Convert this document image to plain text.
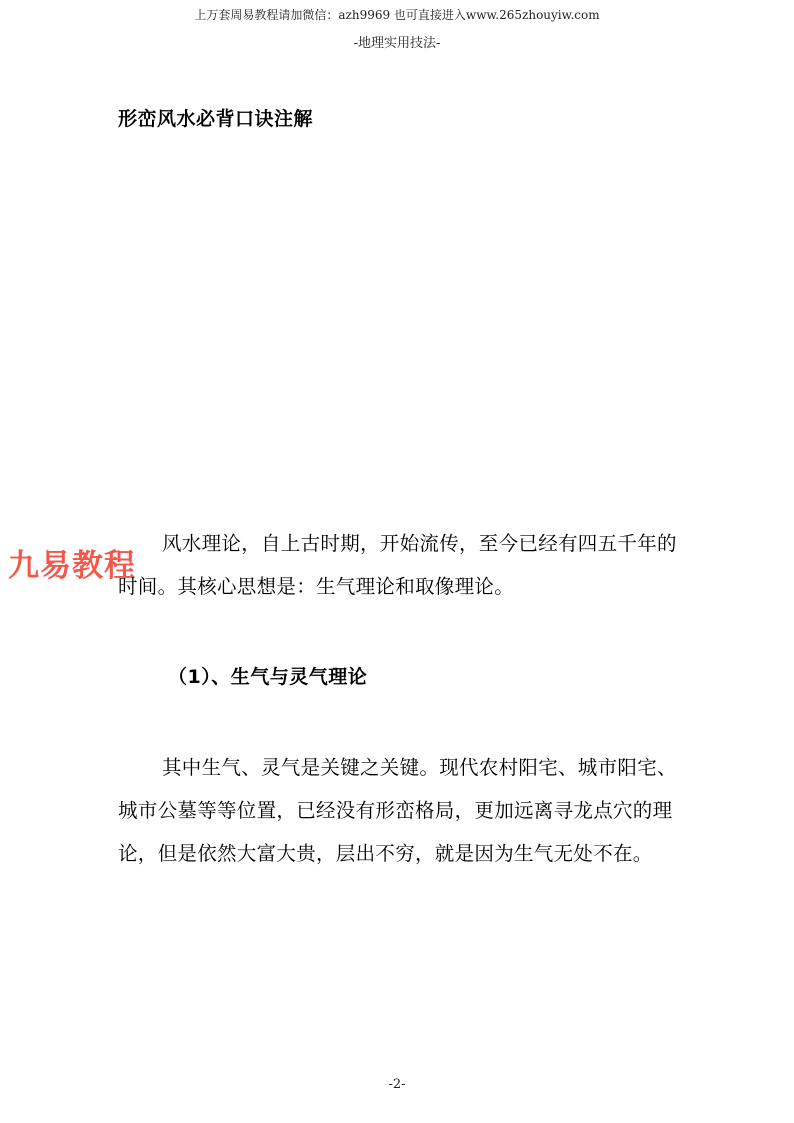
上万套周易教程请加微信：azh9969 也可直接进入www.265zhouyiw.com
-地理实用技法-
形峦风水必背口诀注解
九易教程

风水理论，自上古时期，开始流传，至今已经有四五千年的时间。其核心思想是：生气理论和取像理论。

（1）、生气与灵气理论

其中生气、灵气是关键之关键。现代农村阳宅、城市阳宅、城市公墓等等位置，已经没有形峦格局，更加远离寻龙点穴的理论，但是依然大富大贵，层出不穷，就是因为生气无处不在。

-2-
